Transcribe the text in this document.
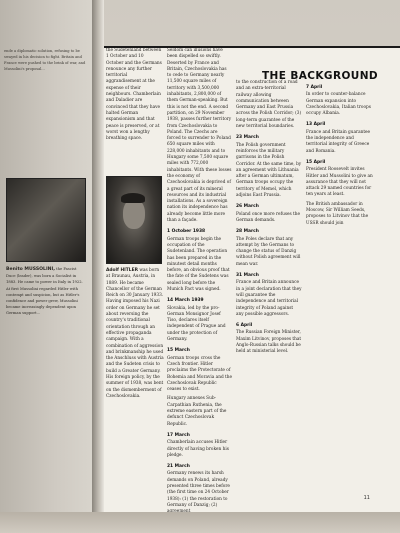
ende a diplomatic solution, refusing to be swayed in his decision to fight. Britain and France were pushed to the brink of war, and Mussolini's proposal...
Benito MUSSOLINI, the Fascist Duce (leader), was born a Socialist in 1883. He came to power in Italy in 1922. At first Mussolini regarded Hitler with contempt and suspicion, but as Hitler's confidence and power grew, Mussolini became increasingly dependent upon German support...
THE BACKGROUND

the Sudetenland between 1 October and 10 October and the Germans renounce any further territorial aggrandisement at the expense of their neighbours. Chamberlain and Daladier are convinced that they have halted German expansionism and that peace is preserved, or at worst won a lengthy breathing space.

Adolf HITLER was born at Braunau, Austria, in 1889. He became Chancellor of the German Reich on 30 January 1933. Having imposed his Nazi order on Germany he set about reversing the country's traditional orientation through an effective propaganda campaign. With a combination of aggression and brinkmanship he used the Anschluss with Austria and the Sudeten crisis to build a Greater Germany. His foreign policy, by the summer of 1938, was bent on the dismemberment of Czechoslovakia.

Seldom can illusions have been dispelled so swiftly. Deserted by France and Britain, Czechoslovakia has to cede to Germany nearly 11,500 square miles of territory with 3,500,000 inhabitants, 2,800,000 of them German-speaking. But this is not the end. A second partition, on 29 November 1938, passes further territory from Czechoslovakia to Poland. The Czechs are forced to surrender to Poland 650 square miles with 228,000 inhabitants and to Hungary some 7,500 square miles with 772,000 inhabitants. With these losses the economy of Czechoslovakia is deprived of a great part of its mineral resources and its industrial installations. As a sovereign nation its independence has already become little more than a façade.

1 October 1938

German troops begin the occupation of the Sudetenland. The operation has been prepared in the minutest detail months before, an obvious proof that the fate of the Sudetens was sealed long before the Munich Pact was signed.

14 March 1939

Slovakia, led by the pro-German Monsignor Josef Tiso, declares itself independent of Prague and under the protection of Germany.

15 March

German troops cross the Czech frontier. Hitler proclaims the Protectorate of Bohemia and Moravia and the Czechoslovak Republic ceases to exist.

Hungary annexes Sub-Carpathian Ruthenia, the extreme eastern part of the defunct Czechoslovak Republic.

17 March

Chamberlain accuses Hitler directly of having broken his pledge.

21 March

Germany renews its harsh demands on Poland, already presented three times before (the first time on 24 October 1938): (1) the restoration to Germany of Danzig; (2)

to the construction of a road and an extra-territorial railway allowing communication between Germany and East Prussia across the Polish Corridor; (3) long-term guarantee of the new territorial boundaries.

23 March

The Polish government reinforces the military garrisons in the Polish Corridor. At the same time, by an agreement with Lithuania after a German ultimatum, German troops occupy the territory of Memel, which adjoins East Prussia.

26 March

Poland once more refuses the German demands.

28 March

The Poles declare that any attempt by the Germans to change the status of Danzig without Polish agreement will mean war.

31 March

France and Britain announce in a joint declaration that they will guarantee the independence and territorial integrity of Poland against any possible aggressors.

6 April

The Russian Foreign Minister, Maxim Litvinov, proposes that Anglo-Russian talks should be held at ministerial level.

7 April

In order to counter-balance German expansion into Czechoslovakia, Italian troops occupy Albania.

13 April

France and Britain guarantee the independence and territorial integrity of Greece and Romania.

15 April

President Roosevelt invites Hitler and Mussolini to give an assurance that they will not attack 29 named countries for ten years at least.

The British ambassador in Moscow, Sir William Seeds, proposes to Litvinov that the USSR should join

11
